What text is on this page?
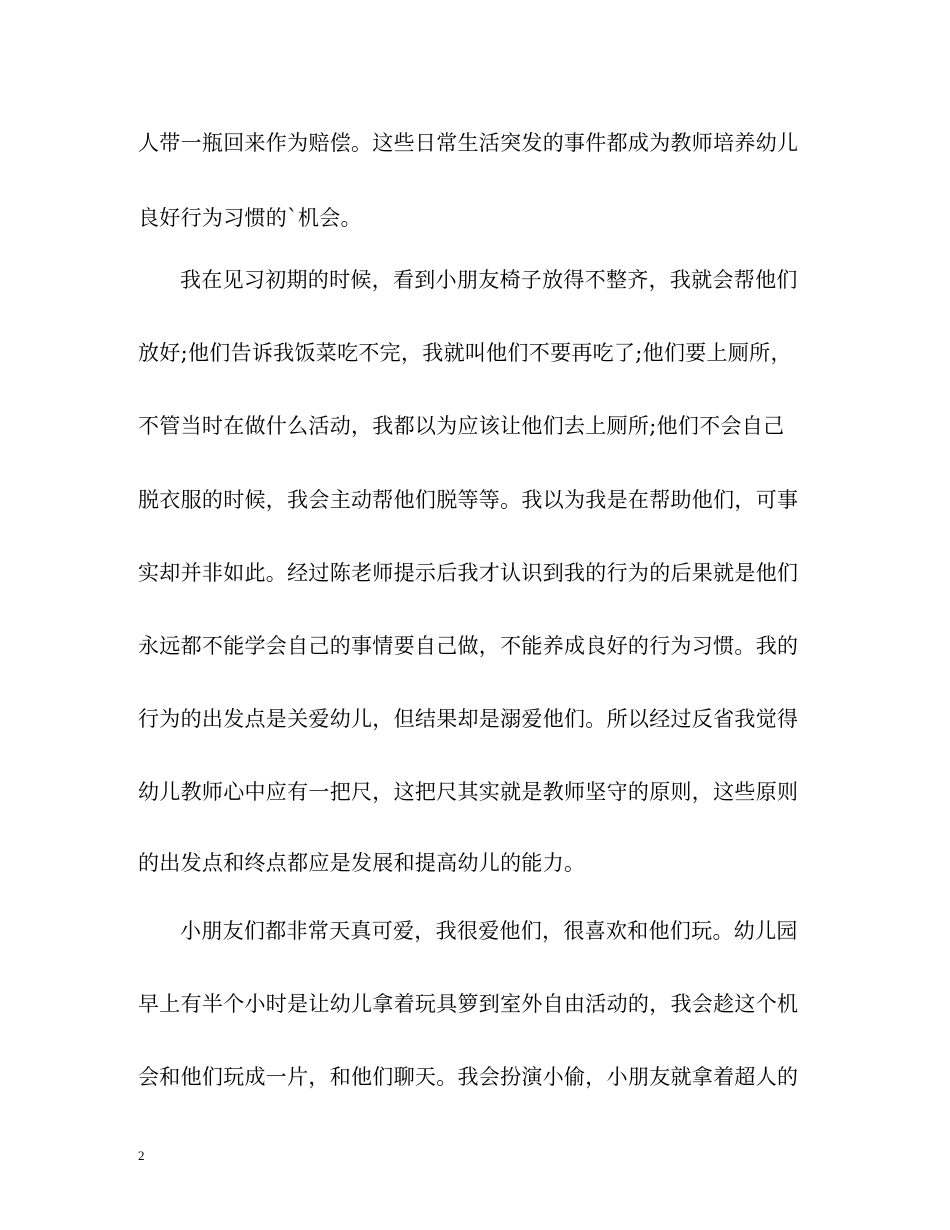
人带一瓶回来作为赔偿。这些日常生活突发的事件都成为教师培养幼儿
良好行为习惯的`机会。
我在见习初期的时候，看到小朋友椅子放得不整齐，我就会帮他们
放好;他们告诉我饭菜吃不完，我就叫他们不要再吃了;他们要上厕所，
不管当时在做什么活动，我都以为应该让他们去上厕所;他们不会自己
脱衣服的时候，我会主动帮他们脱等等。我以为我是在帮助他们，可事
实却并非如此。经过陈老师提示后我才认识到我的行为的后果就是他们
永远都不能学会自己的事情要自己做，不能养成良好的行为习惯。我的
行为的出发点是关爱幼儿，但结果却是溺爱他们。所以经过反省我觉得
幼儿教师心中应有一把尺，这把尺其实就是教师坚守的原则，这些原则
的出发点和终点都应是发展和提高幼儿的能力。
小朋友们都非常天真可爱，我很爱他们，很喜欢和他们玩。幼儿园
早上有半个小时是让幼儿拿着玩具箩到室外自由活动的，我会趁这个机
会和他们玩成一片，和他们聊天。我会扮演小偷，小朋友就拿着超人的
2
